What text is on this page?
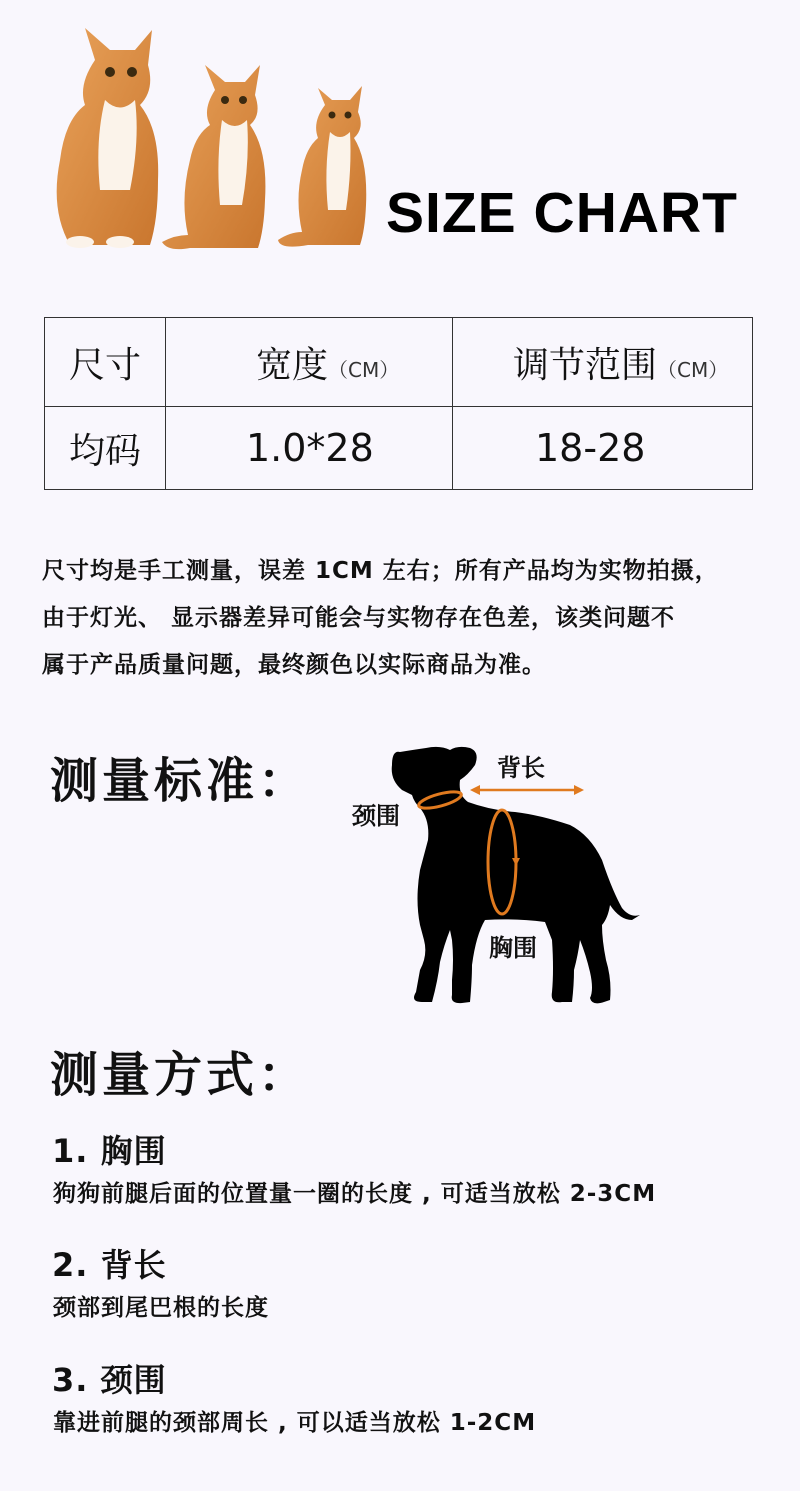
SIZE CHART
尺寸	宽度（CM）	调节范围（CM）
均码	1.0*28	18-28
尺寸均是手工测量，误差 1CM 左右；所有产品均为实物拍摄，
由于灯光、 显示器差异可能会与实物存在色差，该类问题不
属于产品质量问题，最终颜色以实际商品为准。
测量标准：	背长
颈围
胸围
测量方式：
1. 胸围
狗狗前腿后面的位置量一圈的长度 , 可适当放松 2-3CM
2. 背长
颈部到尾巴根的长度
3. 颈围
靠进前腿的颈部周长 , 可以适当放松 1-2CM
